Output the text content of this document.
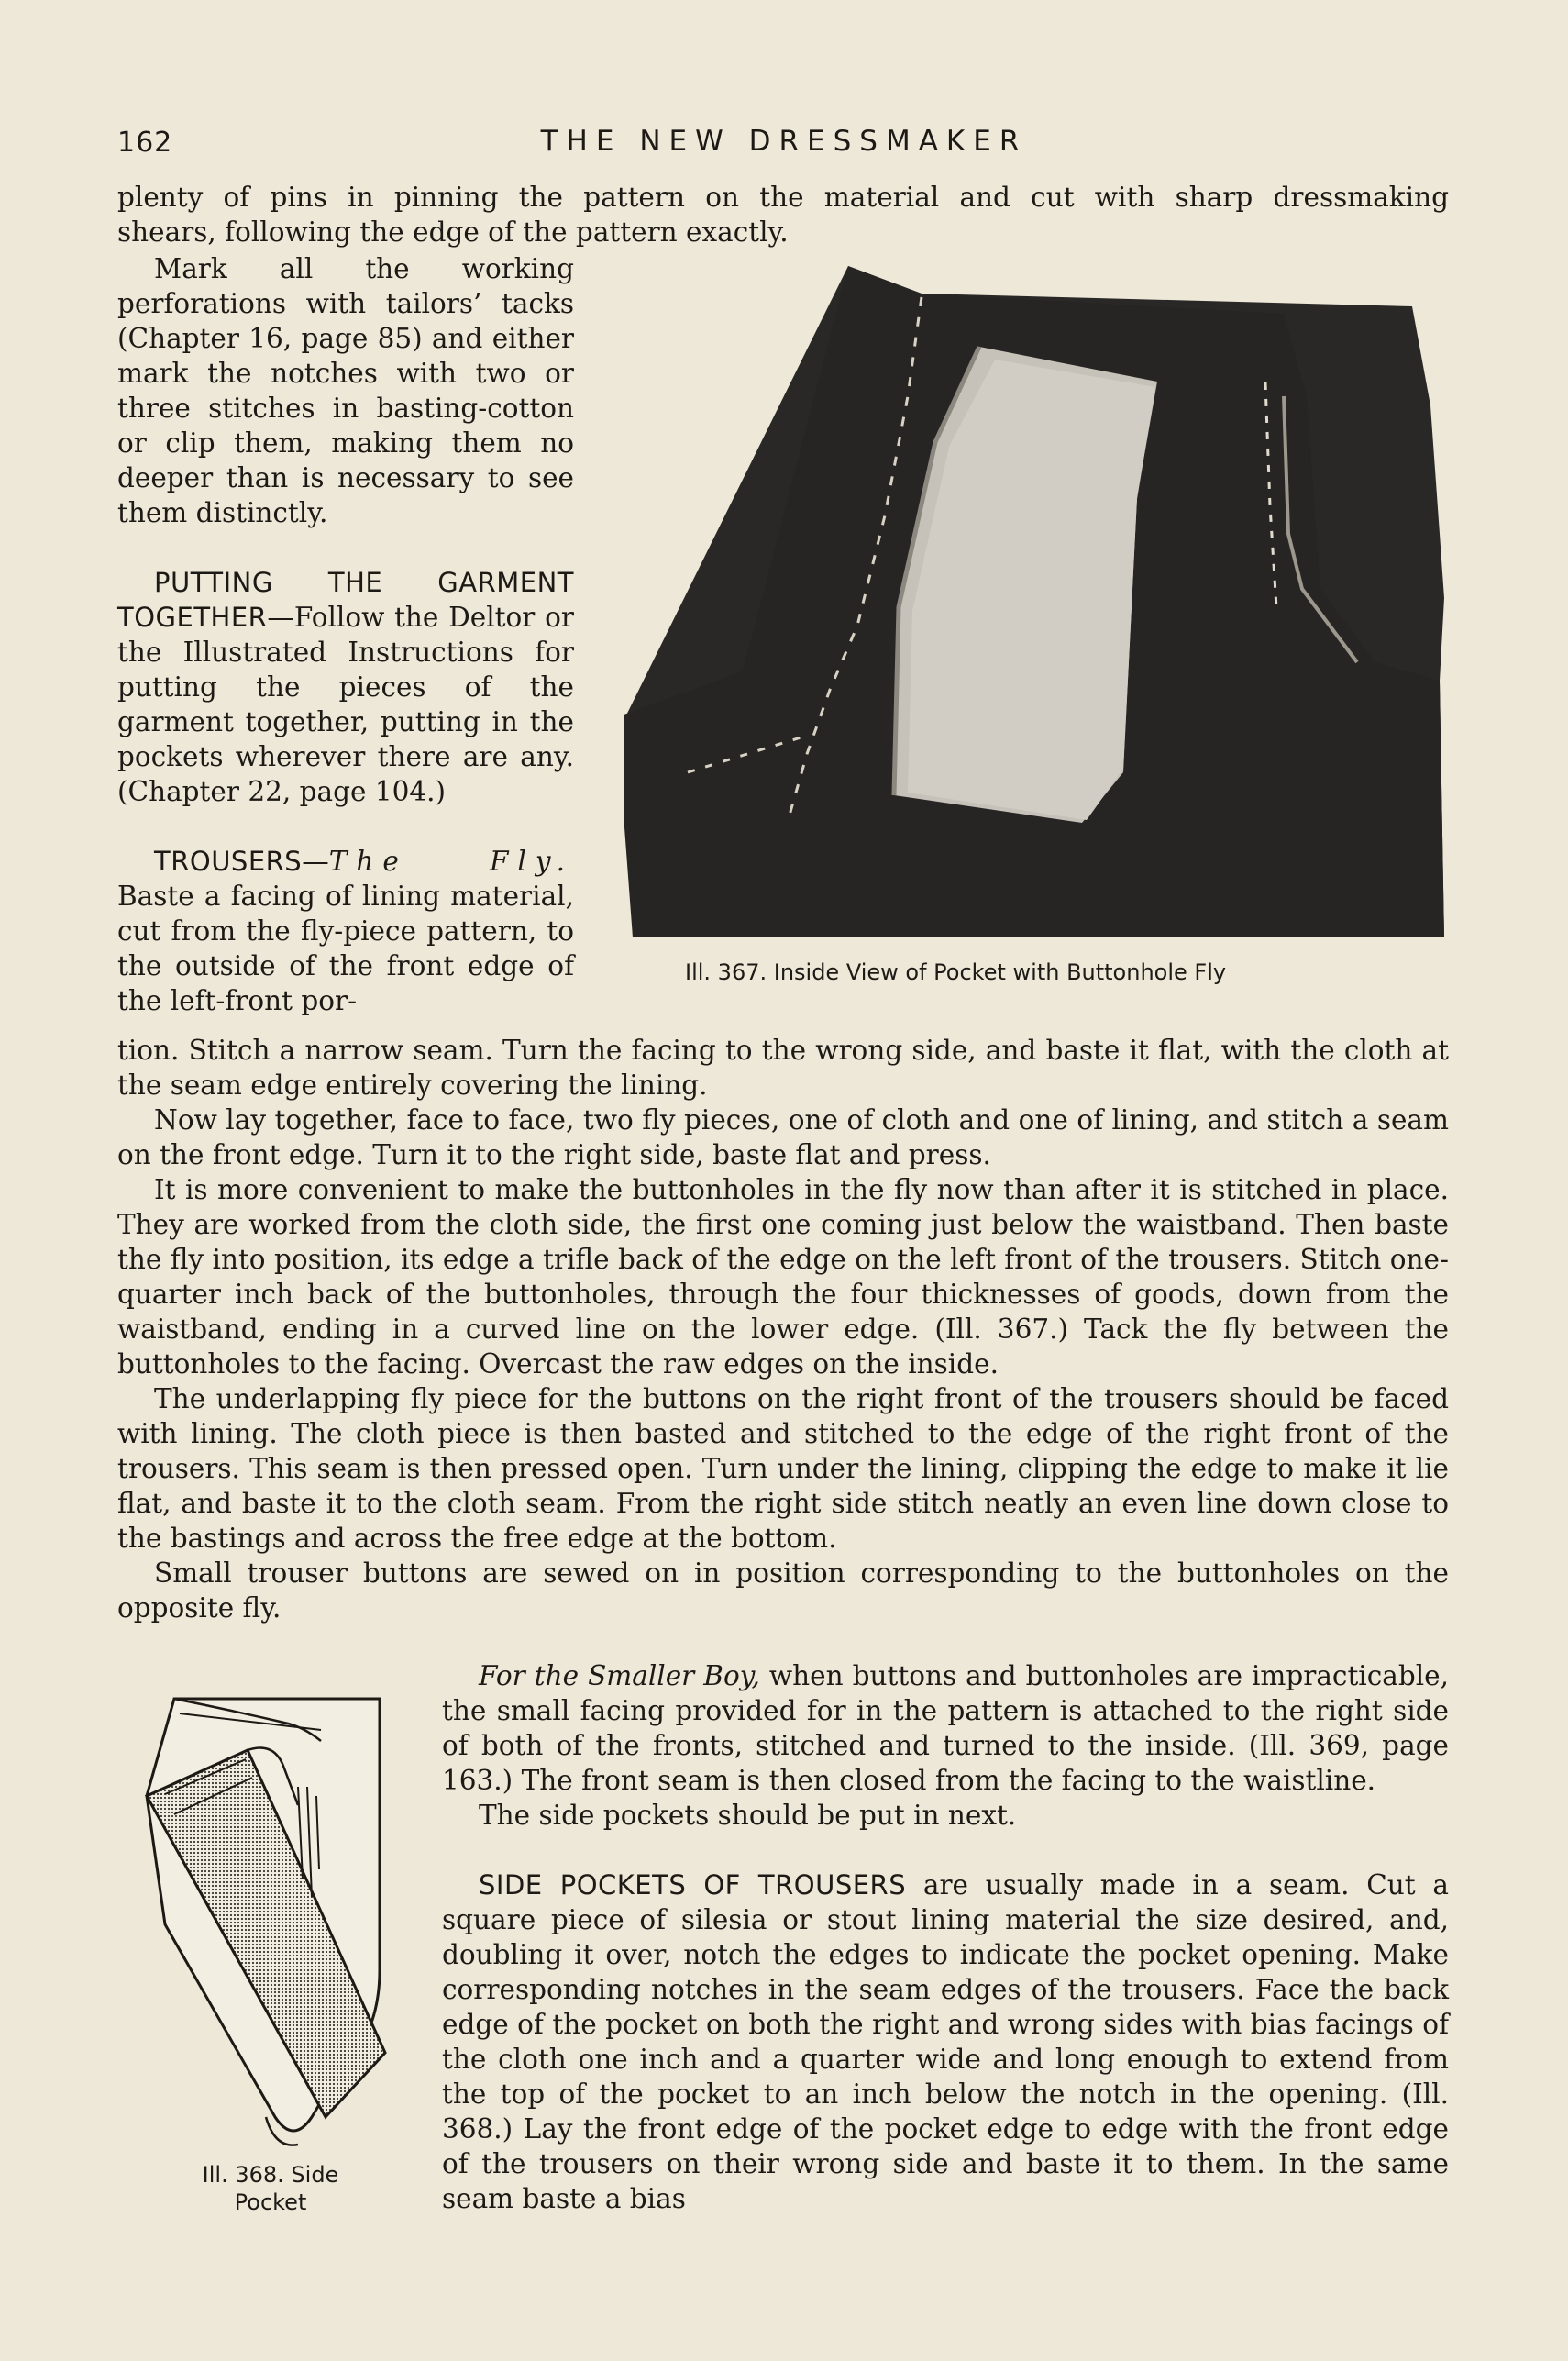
162	THE NEW DRESSMAKER

plenty of pins in pinning the pattern on the material and cut with sharp dressmaking

shears, following the edge of the pattern exactly.

Mark all the working perforations with tailors’ tacks (Chapter 16, page 85) and either mark the notches with two or three stitches in basting-cotton or clip them, making them no deeper than is necessary to see them distinctly.

PUTTING THE GARMENT TOGETHER—Follow the Deltor or the Illustrated Instructions for putting the pieces of the garment together, putting in the pockets wherever there are any. (Chapter 22, page 104.)

TROUSERS—The Fly. Baste a facing of lining material, cut from the fly-piece pattern, to the outside of the front edge of the left-front por-

Ill. 367. Inside View of Pocket with Buttonhole Fly

tion. Stitch a narrow seam. Turn the facing to the wrong side, and baste it flat, with the cloth at the seam edge entirely covering the lining.

Now lay together, face to face, two fly pieces, one of cloth and one of lining, and stitch a seam on the front edge. Turn it to the right side, baste flat and press.

It is more convenient to make the buttonholes in the fly now than after it is stitched in place. They are worked from the cloth side, the first one coming just below the waistband. Then baste the fly into position, its edge a trifle back of the edge on the left front of the trousers. Stitch one-quarter inch back of the buttonholes, through the four thicknesses of goods, down from the waistband, ending in a curved line on the lower edge. (Ill. 367.) Tack the fly between the buttonholes to the facing. Overcast the raw edges on the inside.

The underlapping fly piece for the buttons on the right front of the trousers should be faced with lining. The cloth piece is then basted and stitched to the edge of the right front of the trousers. This seam is then pressed open. Turn under the lining, clipping the edge to make it lie flat, and baste it to the cloth seam. From the right side stitch neatly an even line down close to the bastings and across the free edge at the bottom.

Small trouser buttons are sewed on in position corresponding to the buttonholes on the opposite fly.

Ill. 368. Side
Pocket

For the Smaller Boy, when buttons and buttonholes are impracticable, the small facing provided for in the pattern is attached to the right side of both of the fronts, stitched and turned to the inside. (Ill. 369, page 163.) The front seam is then closed from the facing to the waistline.

The side pockets should be put in next.

SIDE POCKETS OF TROUSERS are usually made in a seam. Cut a square piece of silesia or stout lining material the size desired, and, doubling it over, notch the edges to indicate the pocket opening. Make corresponding notches in the seam edges of the trousers. Face the back edge of the pocket on both the right and wrong sides with bias facings of the cloth one inch and a quarter wide and long enough to extend from the top of the pocket to an inch below the notch in the opening. (Ill. 368.) Lay the front edge of the pocket edge to edge with the front edge of the trousers on their wrong side and baste it to them. In the same seam baste a bias
